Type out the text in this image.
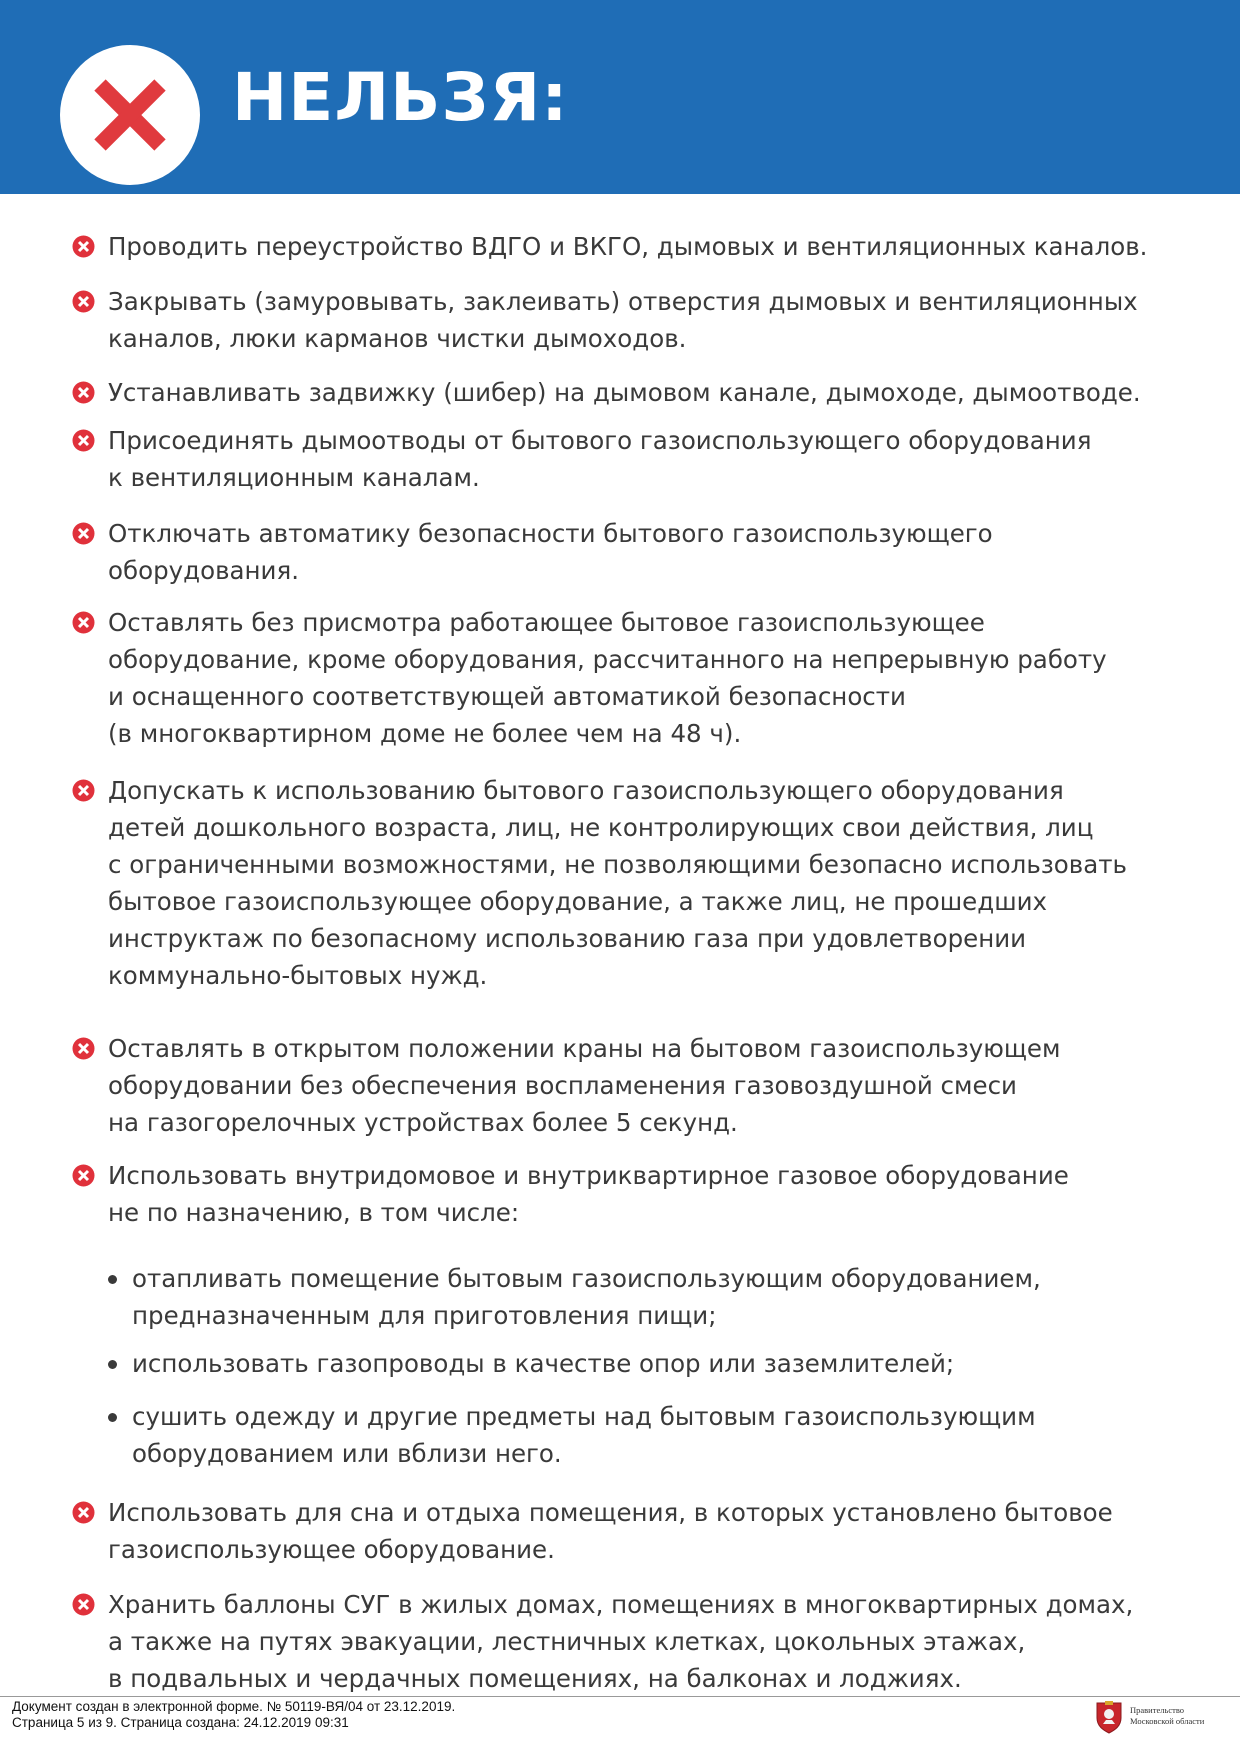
НЕЛЬЗЯ:
Проводить переустройство ВДГО и ВКГО, дымовых и вентиляционных каналов.
Закрывать (замуровывать, заклеивать) отверстия дымовых и вентиляционных
каналов, люки карманов чистки дымоходов.
Устанавливать задвижку (шибер) на дымовом канале, дымоходе, дымоотводе.
Присоединять дымоотводы от бытового газоиспользующего оборудования
к вентиляционным каналам.
Отключать автоматику безопасности бытового газоиспользующего
оборудования.
Оставлять без присмотра работающее бытовое газоиспользующее
оборудование, кроме оборудования, рассчитанного на непрерывную работу
и оснащенного соответствующей автоматикой безопасности
(в многоквартирном доме не более чем на 48 ч).
Допускать к использованию бытового газоиспользующего оборудования
детей дошкольного возраста, лиц, не контролирующих свои действия, лиц
с ограниченными возможностями, не позволяющими безопасно использовать
бытовое газоиспользующее оборудование, а также лиц, не прошедших
инструктаж по безопасному использованию газа при удовлетворении
коммунально-бытовых нужд.
Оставлять в открытом положении краны на бытовом газоиспользующем
оборудовании без обеспечения воспламенения газовоздушной смеси
на газогорелочных устройствах более 5 секунд.
Использовать внутридомовое и внутриквартирное газовое оборудование
не по назначению, в том числе:
отапливать помещение бытовым газоиспользующим оборудованием,
предназначенным для приготовления пищи;
использовать газопроводы в качестве опор или заземлителей;
сушить одежду и другие предметы над бытовым газоиспользующим
оборудованием или вблизи него.
Использовать для сна и отдыха помещения, в которых установлено бытовое
газоиспользующее оборудование.
Хранить баллоны СУГ в жилых домах, помещениях в многоквартирных домах,
а также на путях эвакуации, лестничных клетках, цокольных этажах,
в подвальных и чердачных помещениях, на балконах и лоджиях.
Документ создан в электронной форме. № 50119-ВЯ/04 от 23.12.2019.
Страница 5 из 9. Страница создана: 24.12.2019 09:31
Правительство
Московской области
